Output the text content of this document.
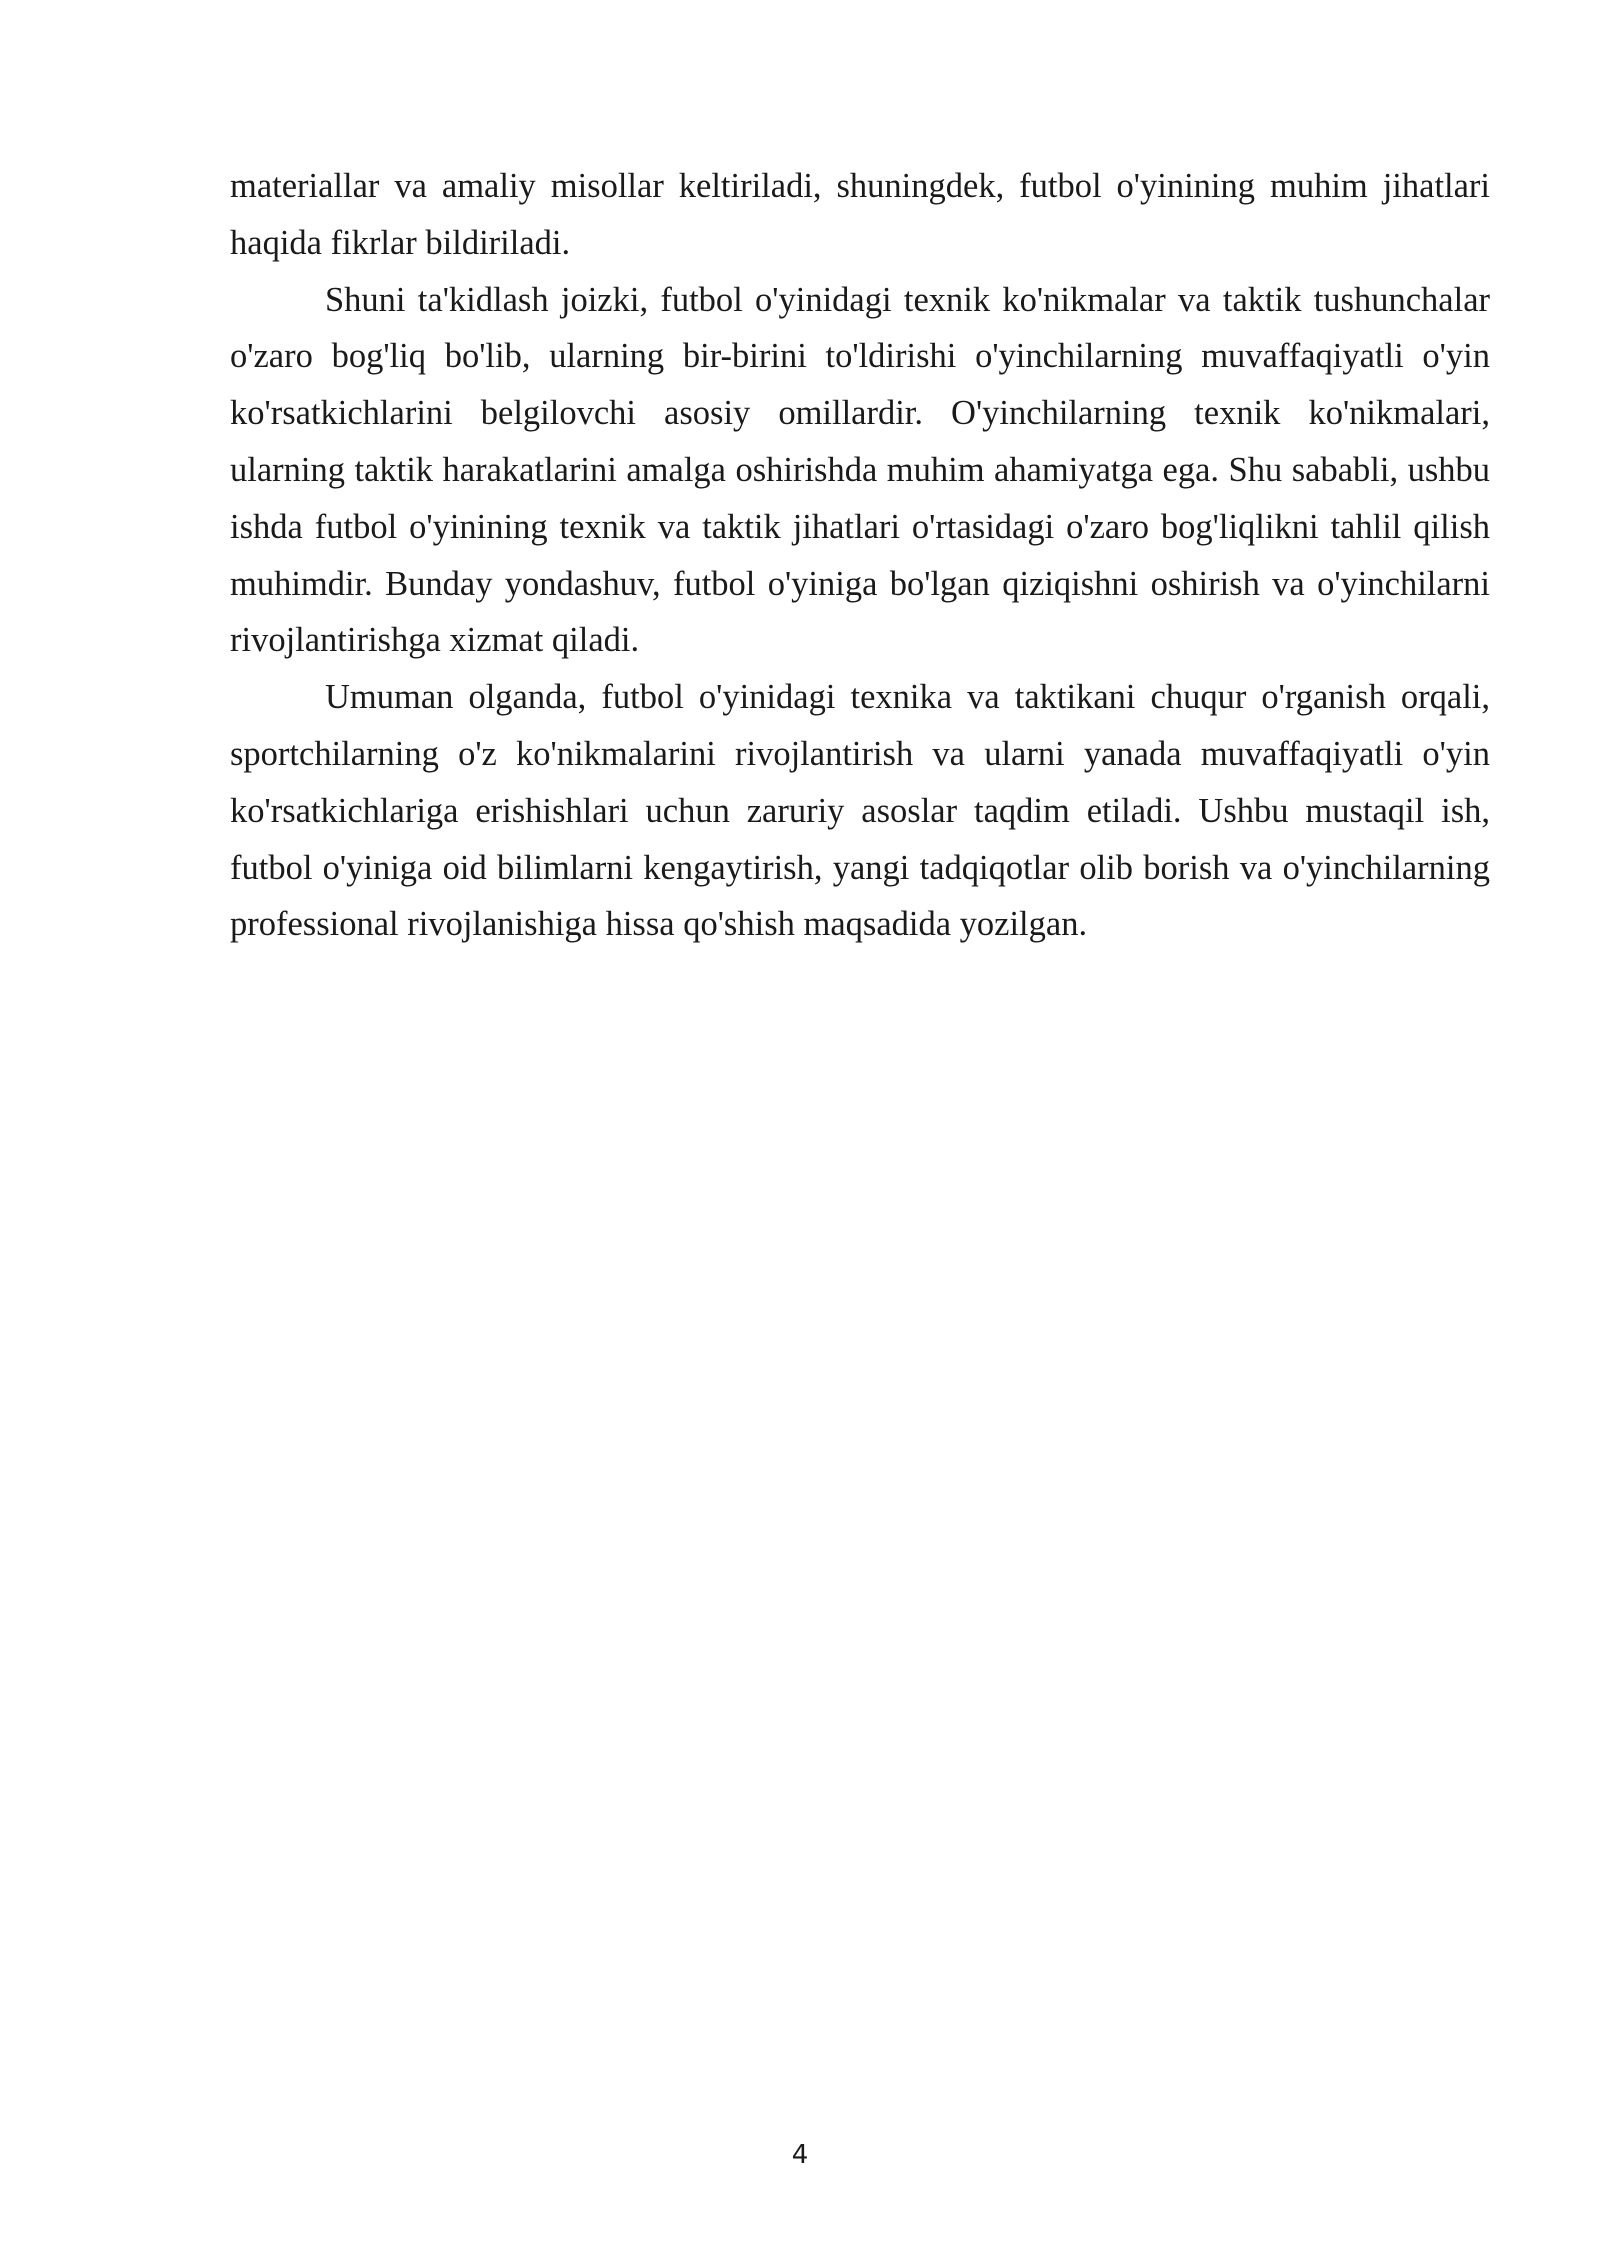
materiallar va amaliy misollar keltiriladi, shuningdek, futbol o'yinining muhim jihatlari haqida fikrlar bildiriladi.

Shuni ta'kidlash joizki, futbol o'yinidagi texnik ko'nikmalar va taktik tushunchalar o'zaro bog'liq bo'lib, ularning bir-birini to'ldirishi o'yinchilarning muvaffaqiyatli o'yin ko'rsatkichlarini belgilovchi asosiy omillardir. O'yinchilarning texnik ko'nikmalari, ularning taktik harakatlarini amalga oshirishda muhim ahamiyatga ega. Shu sababli, ushbu ishda futbol o'yinining texnik va taktik jihatlari o'rtasidagi o'zaro bog'liqlikni tahlil qilish muhimdir. Bunday yondashuv, futbol o'yiniga bo'lgan qiziqishni oshirish va o'yinchilarni rivojlantirishga xizmat qiladi.

Umuman olganda, futbol o'yinidagi texnika va taktikani chuqur o'rganish orqali, sportchilarning o'z ko'nikmalarini rivojlantirish va ularni yanada muvaffaqiyatli o'yin ko'rsatkichlariga erishishlari uchun zaruriy asoslar taqdim etiladi. Ushbu mustaqil ish, futbol o'yiniga oid bilimlarni kengaytirish, yangi tadqiqotlar olib borish va o'yinchilarning professional rivojlanishiga hissa qo'shish maqsadida yozilgan.

4
